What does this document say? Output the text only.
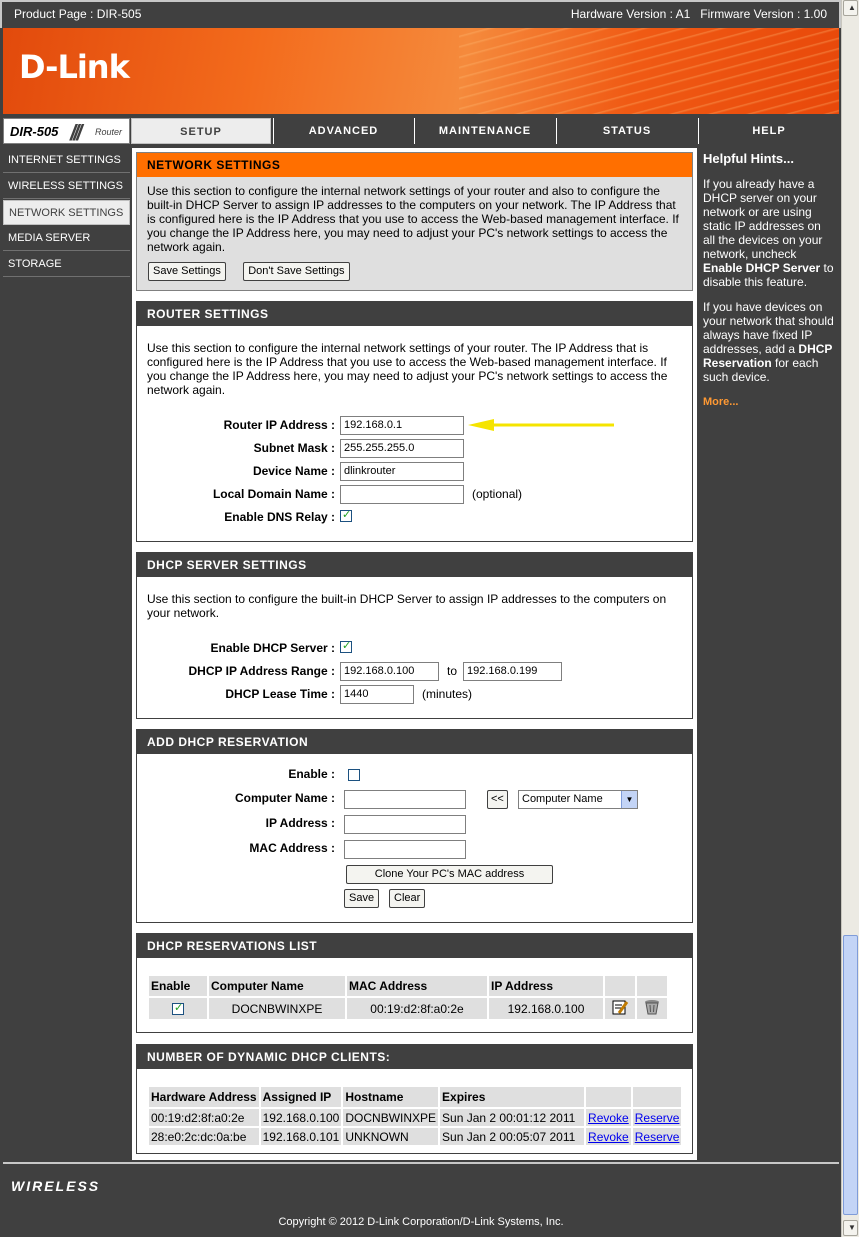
Product Page : DIR-505	Hardware Version : A1   Firmware Version : 1.00
D-Link
DIR-505 /// Router	SETUP	ADVANCED	MAINTENANCE	STATUS	HELP
INTERNET SETTINGS
WIRELESS SETTINGS
NETWORK SETTINGS
MEDIA SERVER
STORAGE
NETWORK SETTINGS
Use this section to configure the internal network settings of your router and also to configure the built-in DHCP Server to assign IP addresses to the computers on your network. The IP Address that is configured here is the IP Address that you use to access the Web-based management interface. If you change the IP Address here, you may need to adjust your PC's network settings to access the network again.
Save Settings Don't Save Settings
ROUTER SETTINGS
Use this section to configure the internal network settings of your router. The IP Address that is configured here is the IP Address that you use to access the Web-based management interface. If you change the IP Address here, you may need to adjust your PC's network settings to access the network again.
Router IP Address : 192.168.0.1
Subnet Mask : 255.255.255.0
Device Name : dlinkrouter
Local Domain Name :	(optional)
Enable DNS Relay :
✓
DHCP SERVER SETTINGS
Use this section to configure the built-in DHCP Server to assign IP addresses to the computers on your network.
Enable DHCP Server :
✓
DHCP IP Address Range : 192.168.0.100	to 192.168.0.199
DHCP Lease Time : 1440	(minutes)
ADD DHCP RESERVATION
Enable :
Computer Name :	<<	Computer Name	▼
IP Address :
MAC Address :
Clone Your PC's MAC address
Save	Clear
DHCP RESERVATIONS LIST
Enable	Computer Name	MAC Address	IP Address		
✓	DOCNBWINXPE	00:19:d2:8f:a0:2e	192.168.0.100		
NUMBER OF DYNAMIC DHCP CLIENTS:
Hardware Address	Assigned IP	Hostname	Expires		
00:19:d2:8f:a0:2e	192.168.0.100	DOCNBWINXPE	Sun Jan 2 00:01:12 2011	Revoke	Reserve
28:e0:2c:dc:0a:be	192.168.0.101	UNKNOWN	Sun Jan 2 00:05:07 2011	Revoke	Reserve
Helpful Hints...

If you already have a DHCP server on your network or are using static IP addresses on all the devices on your network, uncheck Enable DHCP Server to disable this feature.

If you have devices on your network that should always have fixed IP addresses, add a DHCP Reservation for each such device.

More...
WIRELESS
Copyright © 2012 D-Link Corporation/D-Link Systems, Inc.
▲
▼
